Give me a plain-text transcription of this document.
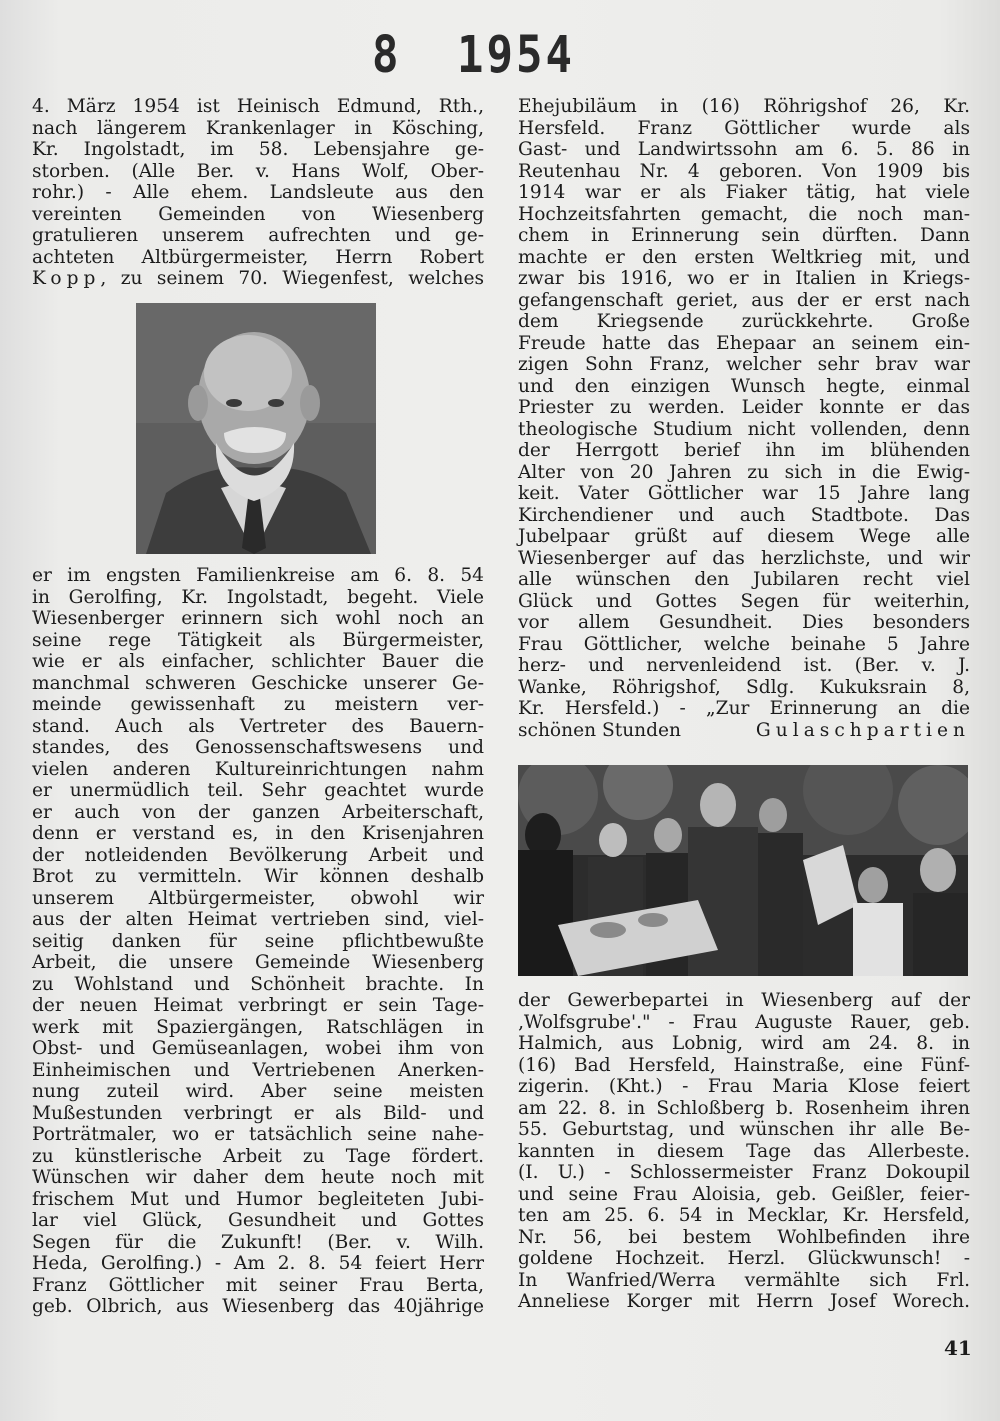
8 1954

4. März 1954 ist Heinisch Edmund, Rth.,

nach längerem Krankenlager in Kösching,

Kr. Ingolstadt, im 58. Lebensjahre ge-

storben. (Alle Ber. v. Hans Wolf, Ober-

rohr.) - Alle ehem. Landsleute aus den

vereinten Gemeinden von Wiesenberg

gratulieren unserem aufrechten und ge-

achteten Altbürgermeister, Herrn Robert

Kopp, zu seinem 70. Wiegenfest, welches

er im engsten Familienkreise am 6. 8. 54

in Gerolfing, Kr. Ingolstadt, begeht. Viele

Wiesenberger erinnern sich wohl noch an

seine rege Tätigkeit als Bürgermeister,

wie er als einfacher, schlichter Bauer die

manchmal schweren Geschicke unserer Ge-

meinde gewissenhaft zu meistern ver-

stand. Auch als Vertreter des Bauern-

standes, des Genossenschaftswesens und

vielen anderen Kultureinrichtungen nahm

er unermüdlich teil. Sehr geachtet wurde

er auch von der ganzen Arbeiterschaft,

denn er verstand es, in den Krisenjahren

der notleidenden Bevölkerung Arbeit und

Brot zu vermitteln. Wir können deshalb

unserem Altbürgermeister, obwohl wir

aus der alten Heimat vertrieben sind, viel-

seitig danken für seine pflichtbewußte

Arbeit, die unsere Gemeinde Wiesenberg

zu Wohlstand und Schönheit brachte. In

der neuen Heimat verbringt er sein Tage-

werk mit Spaziergängen, Ratschlägen in

Obst- und Gemüseanlagen, wobei ihm von

Einheimischen und Vertriebenen Anerken-

nung zuteil wird. Aber seine meisten

Mußestunden verbringt er als Bild- und

Porträtmaler, wo er tatsächlich seine nahe-

zu künstlerische Arbeit zu Tage fördert.

Wünschen wir daher dem heute noch mit

frischem Mut und Humor begleiteten Jubi-

lar viel Glück, Gesundheit und Gottes

Segen für die Zukunft! (Ber. v. Wilh.

Heda, Gerolfing.) - Am 2. 8. 54 feiert Herr

Franz Göttlicher mit seiner Frau Berta,

geb. Olbrich, aus Wiesenberg das 40jährige

Ehejubiläum in (16) Röhrigshof 26, Kr.

Hersfeld. Franz Göttlicher wurde als

Gast- und Landwirtssohn am 6. 5. 86 in

Reutenhau Nr. 4 geboren. Von 1909 bis

1914 war er als Fiaker tätig, hat viele

Hochzeitsfahrten gemacht, die noch man-

chem in Erinnerung sein dürften. Dann

machte er den ersten Weltkrieg mit, und

zwar bis 1916, wo er in Italien in Kriegs-

gefangenschaft geriet, aus der er erst nach

dem Kriegsende zurückkehrte. Große

Freude hatte das Ehepaar an seinem ein-

zigen Sohn Franz, welcher sehr brav war

und den einzigen Wunsch hegte, einmal

Priester zu werden. Leider konnte er das

theologische Studium nicht vollenden, denn

der Herrgott berief ihn im blühenden

Alter von 20 Jahren zu sich in die Ewig-

keit. Vater Göttlicher war 15 Jahre lang

Kirchendiener und auch Stadtbote. Das

Jubelpaar grüßt auf diesem Wege alle

Wiesenberger auf das herzlichste, und wir

alle wünschen den Jubilaren recht viel

Glück und Gottes Segen für weiterhin,

vor allem Gesundheit. Dies besonders

Frau Göttlicher, welche beinahe 5 Jahre

herz- und nervenleidend ist. (Ber. v. J.

Wanke, Röhrigshof, Sdlg. Kukuksrain 8,

Kr. Hersfeld.) - „Zur Erinnerung an die

schönen Stunden	Gulaschpartien

der Gewerbepartei in Wiesenberg auf der

‚Wolfsgrube'." - Frau Auguste Rauer, geb.

Halmich, aus Lobnig, wird am 24. 8. in

(16) Bad Hersfeld, Hainstraße, eine Fünf-

zigerin. (Kht.) - Frau Maria Klose feiert

am 22. 8. in Schloßberg b. Rosenheim ihren

55. Geburtstag, und wünschen ihr alle Be-

kannten in diesem Tage das Allerbeste.

(I. U.) - Schlossermeister Franz Dokoupil

und seine Frau Aloisia, geb. Geißler, feier-

ten am 25. 6. 54 in Mecklar, Kr. Hersfeld,

Nr. 56, bei bestem Wohlbefinden ihre

goldene Hochzeit. Herzl. Glückwunsch! -

In Wanfried/Werra vermählte sich Frl.

Anneliese Korger mit Herrn Josef Worech.

41
